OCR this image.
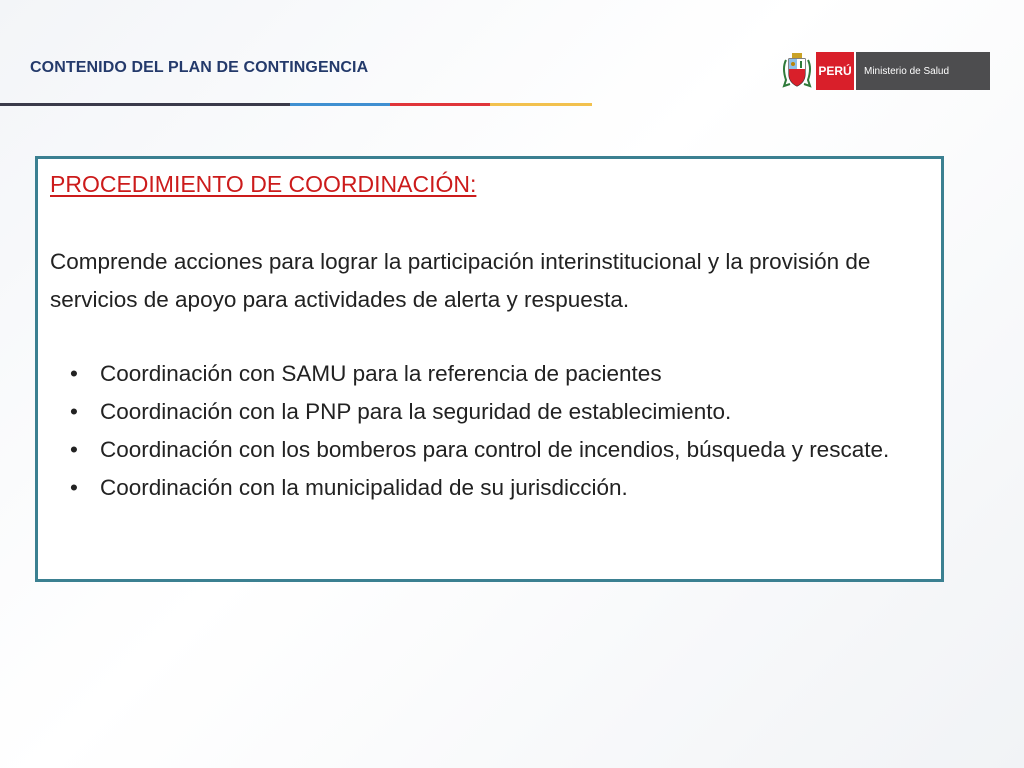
CONTENIDO DEL PLAN DE CONTINGENCIA	PERÚ	Ministerio de Salud
PROCEDIMIENTO DE COORDINACIÓN:
Comprende acciones para lograr la participación interinstitucional y la provisión de servicios de apoyo para actividades de alerta y respuesta.
• Coordinación con SAMU para la referencia de pacientes
• Coordinación con la PNP para la seguridad de establecimiento.
• Coordinación con los bomberos para control de incendios, búsqueda y rescate.
• Coordinación con la municipalidad de su jurisdicción.
